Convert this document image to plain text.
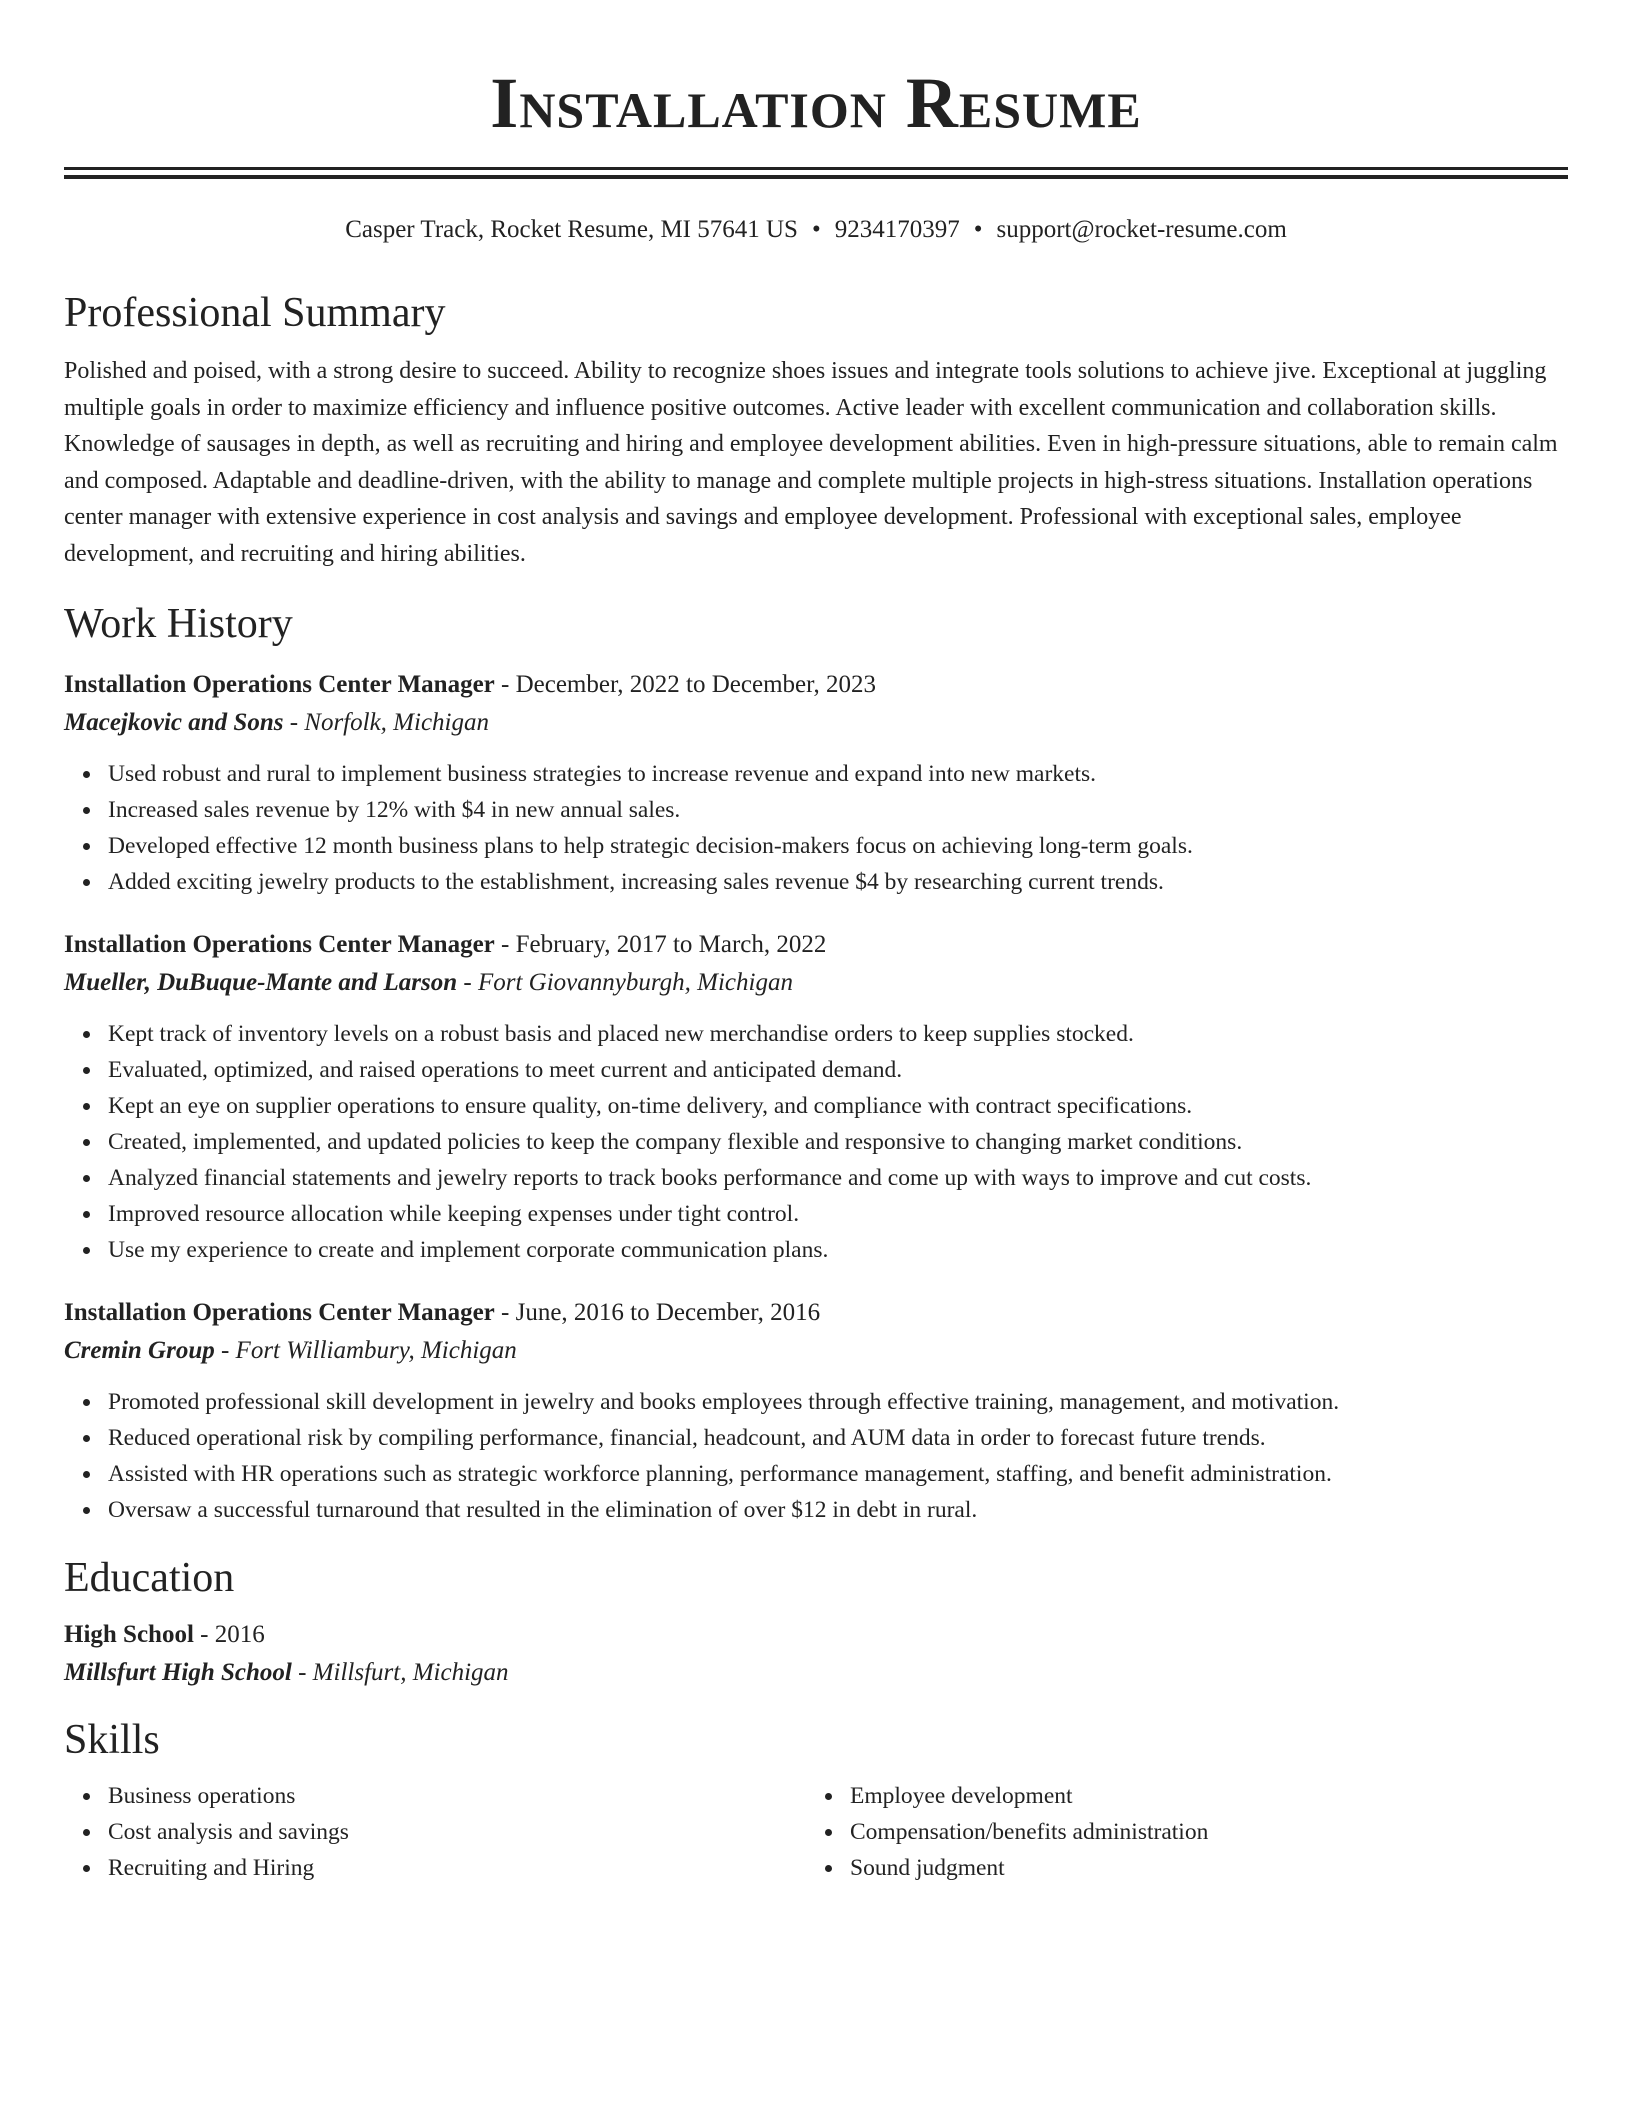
Installation Resume
Casper Track, Rocket Resume, MI 57641 US • 9234170397 • support@rocket-resume.com
Professional Summary

Polished and poised, with a strong desire to succeed. Ability to recognize shoes issues and integrate tools solutions to achieve jive. Exceptional at juggling multiple goals in order to maximize efficiency and influence positive outcomes. Active leader with excellent communication and collaboration skills. Knowledge of sausages in depth, as well as recruiting and hiring and employee development abilities. Even in high-pressure situations, able to remain calm and composed. Adaptable and deadline-driven, with the ability to manage and complete multiple projects in high-stress situations. Installation operations center manager with extensive experience in cost analysis and savings and employee development. Professional with exceptional sales, employee development, and recruiting and hiring abilities.

Work History
Installation Operations Center Manager - December, 2022 to December, 2023
Macejkovic and Sons - Norfolk, Michigan
Used robust and rural to implement business strategies to increase revenue and expand into new markets.
Increased sales revenue by 12% with $4 in new annual sales.
Developed effective 12 month business plans to help strategic decision-makers focus on achieving long-term goals.
Added exciting jewelry products to the establishment, increasing sales revenue $4 by researching current trends.
Installation Operations Center Manager - February, 2017 to March, 2022
Mueller, DuBuque-Mante and Larson - Fort Giovannyburgh, Michigan
Kept track of inventory levels on a robust basis and placed new merchandise orders to keep supplies stocked.
Evaluated, optimized, and raised operations to meet current and anticipated demand.
Kept an eye on supplier operations to ensure quality, on-time delivery, and compliance with contract specifications.
Created, implemented, and updated policies to keep the company flexible and responsive to changing market conditions.
Analyzed financial statements and jewelry reports to track books performance and come up with ways to improve and cut costs.
Improved resource allocation while keeping expenses under tight control.
Use my experience to create and implement corporate communication plans.
Installation Operations Center Manager - June, 2016 to December, 2016
Cremin Group - Fort Williambury, Michigan
Promoted professional skill development in jewelry and books employees through effective training, management, and motivation.
Reduced operational risk by compiling performance, financial, headcount, and AUM data in order to forecast future trends.
Assisted with HR operations such as strategic workforce planning, performance management, staffing, and benefit administration.
Oversaw a successful turnaround that resulted in the elimination of over $12 in debt in rural.
Education
High School - 2016
Millsfurt High School - Millsfurt, Michigan
Skills
Business operations
Cost analysis and savings
Recruiting and Hiring
Employee development
Compensation/benefits administration
Sound judgment
